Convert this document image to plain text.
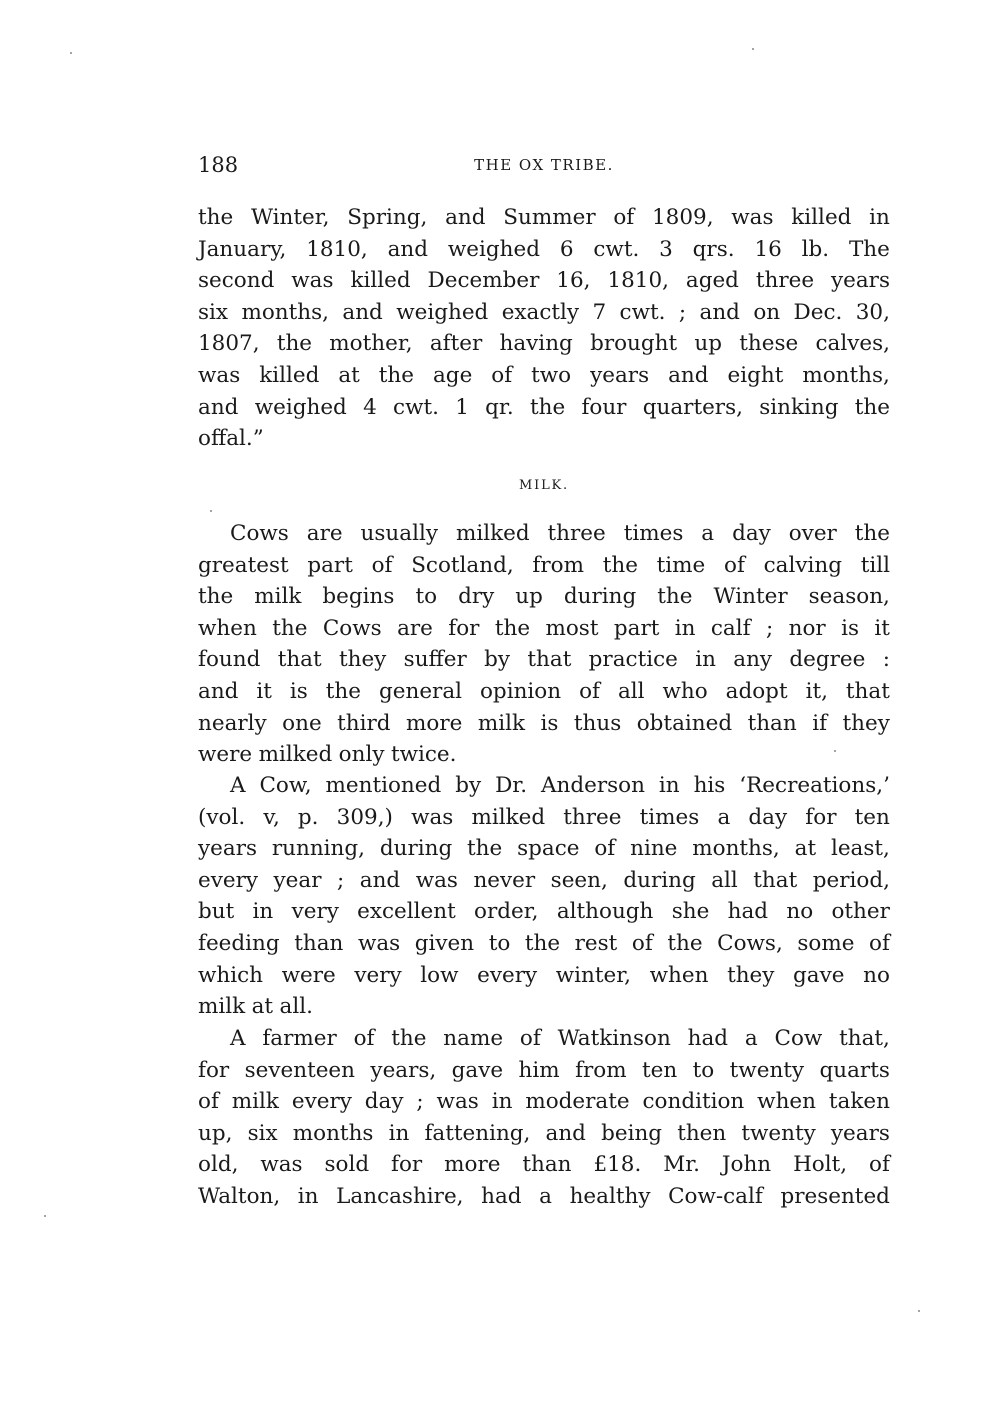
188	THE OX TRIBE.
the Winter, Spring, and Summer of 1809, was killed in
January, 1810, and weighed 6 cwt. 3 qrs. 16 lb. The
second was killed December 16, 1810, aged three years
six months, and weighed exactly 7 cwt. ; and on Dec. 30,
1807, the mother, after having brought up these calves,
was killed at the age of two years and eight months,
and weighed 4 cwt. 1 qr. the four quarters, sinking the
offal.”
MILK.
Cows are usually milked three times a day over the
greatest part of Scotland, from the time of calving till
the milk begins to dry up during the Winter season,
when the Cows are for the most part in calf ; nor is it
found that they suffer by that practice in any degree :
and it is the general opinion of all who adopt it, that
nearly one third more milk is thus obtained than if they
were milked only twice.
A Cow, mentioned by Dr. Anderson in his ‘Recreations,’
(vol. v, p. 309,) was milked three times a day for ten
years running, during the space of nine months, at least,
every year ; and was never seen, during all that period,
but in very excellent order, although she had no other
feeding than was given to the rest of the Cows, some of
which were very low every winter, when they gave no
milk at all.
A farmer of the name of Watkinson had a Cow that,
for seventeen years, gave him from ten to twenty quarts
of milk every day ; was in moderate condition when taken
up, six months in fattening, and being then twenty years
old, was sold for more than £18. Mr. John Holt, of
Walton, in Lancashire, had a healthy Cow-calf presented
